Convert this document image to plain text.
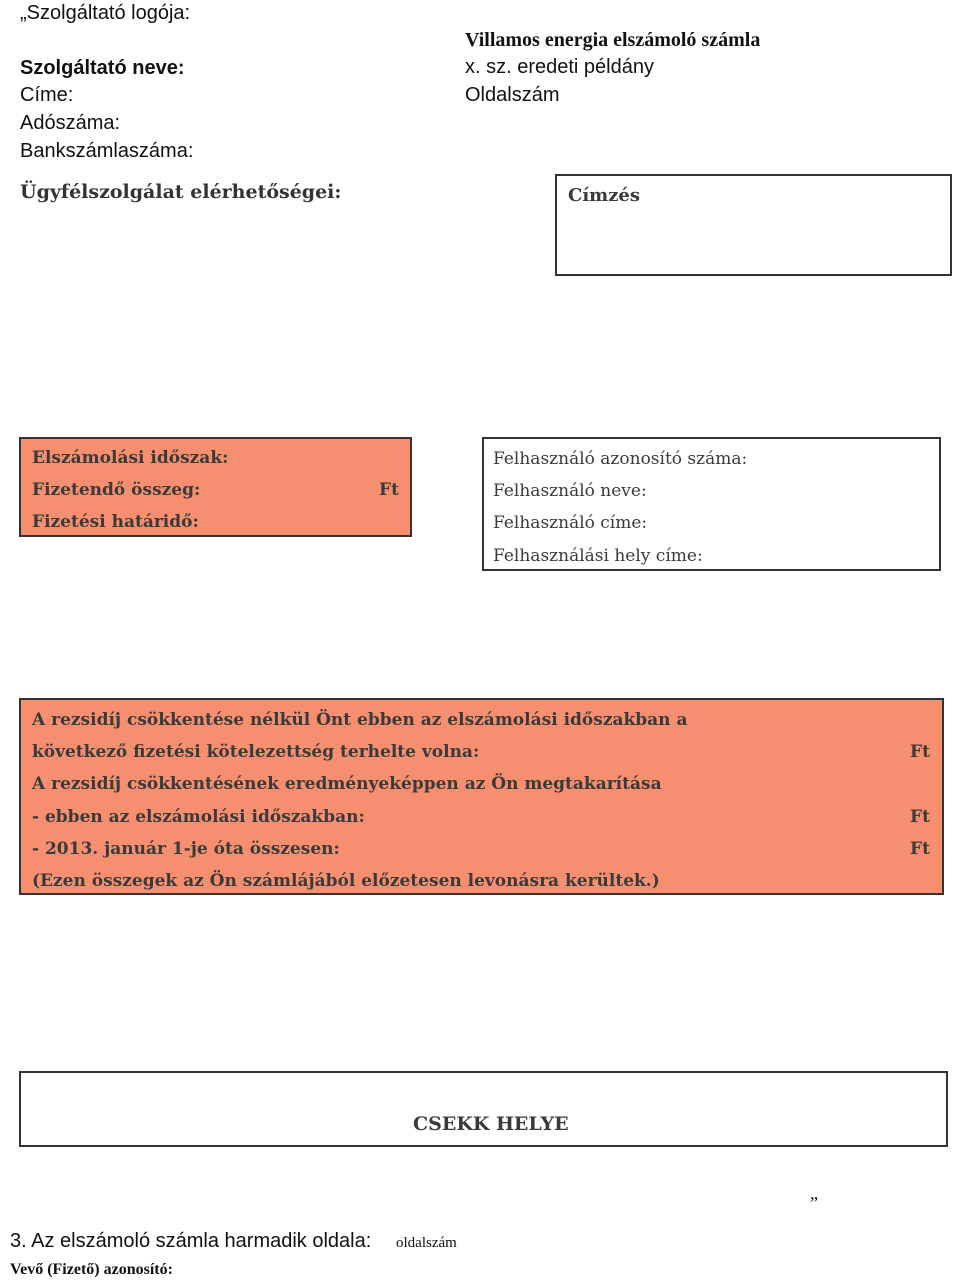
„Szolgáltató logója:
Szolgáltató neve:
Címe:
Adószáma:
Bankszámlaszáma:
Villamos energia elszámoló számla
x. sz. eredeti példány
Oldalszám
Ügyfélszolgálat elérhetőségei:	Címzés
Elszámolási időszak:
Fizetendő összeg:	Ft
Fizetési határidő:
Felhasználó azonosító száma:
Felhasználó neve:
Felhasználó címe:
Felhasználási hely címe:
A rezsidíj csökkentése nélkül Önt ebben az elszámolási időszakban a
következő fizetési kötelezettség terhelte volna:	Ft
A rezsidíj csökkentésének eredményeképpen az Ön megtakarítása
- ebben az elszámolási időszakban:	Ft
- 2013. január 1-je óta összesen:	Ft
(Ezen összegek az Ön számlájából előzetesen levonásra kerültek.)
CSEKK HELYE
„
3. Az elszámoló számla harmadik oldala: oldalszám
Vevő (Fizető) azonosító:
